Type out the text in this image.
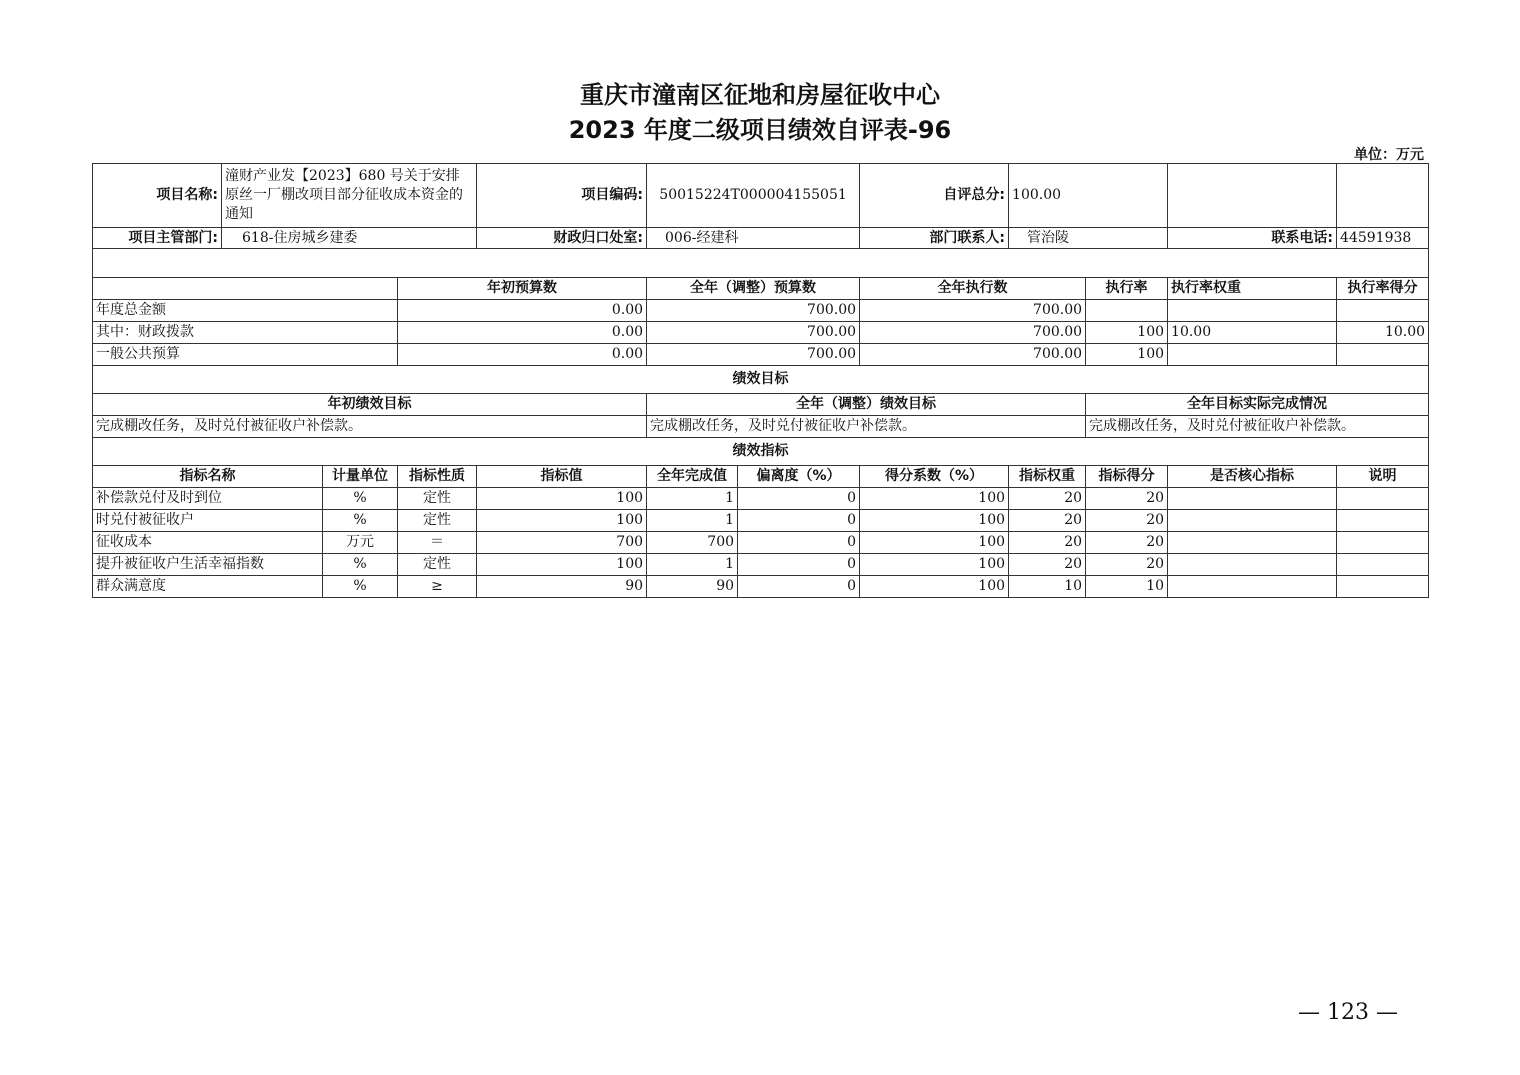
重庆市潼南区征地和房屋征收中心
2023 年度二级项目绩效自评表-96
单位：万元
项目名称:	潼财产业发【2023】680 号关于安排原丝一厂棚改项目部分征收成本资金的通知			项目编码:	50015224T000004155051		自评总分:	100.00			
项目主管部门:	618-住房城乡建委			财政归口处室:	006-经建科		部门联系人:	管治陵		联系电话:	44591938

			年初预算数		全年（调整）预算数		全年执行数		执行率	执行率权重	执行率得分
年度总金额			0.00		700.00		700.00				
其中：财政拨款			0.00		700.00		700.00		100	10.00	10.00
一般公共预算			0.00		700.00		700.00		100		
绩效目标											
年初绩效目标					全年（调整）绩效目标				全年目标实际完成情况		
完成棚改任务，及时兑付被征收户补偿款。					完成棚改任务，及时兑付被征收户补偿款。				完成棚改任务，及时兑付被征收户补偿款。		
绩效指标											
指标名称		计量单位	指标性质	指标值	全年完成值	偏离度（%）	得分系数（%）	指标权重	指标得分	是否核心指标	说明
补偿款兑付及时到位		%	定性	100	1	0	100	20	20		
时兑付被征收户		%	定性	100	1	0	100	20	20		
征收成本		万元	＝	700	700	0	100	20	20		
提升被征收户生活幸福指数		%	定性	100	1	0	100	20	20		
群众满意度		%	≥	90	90	0	100	10	10		
— 123 —
